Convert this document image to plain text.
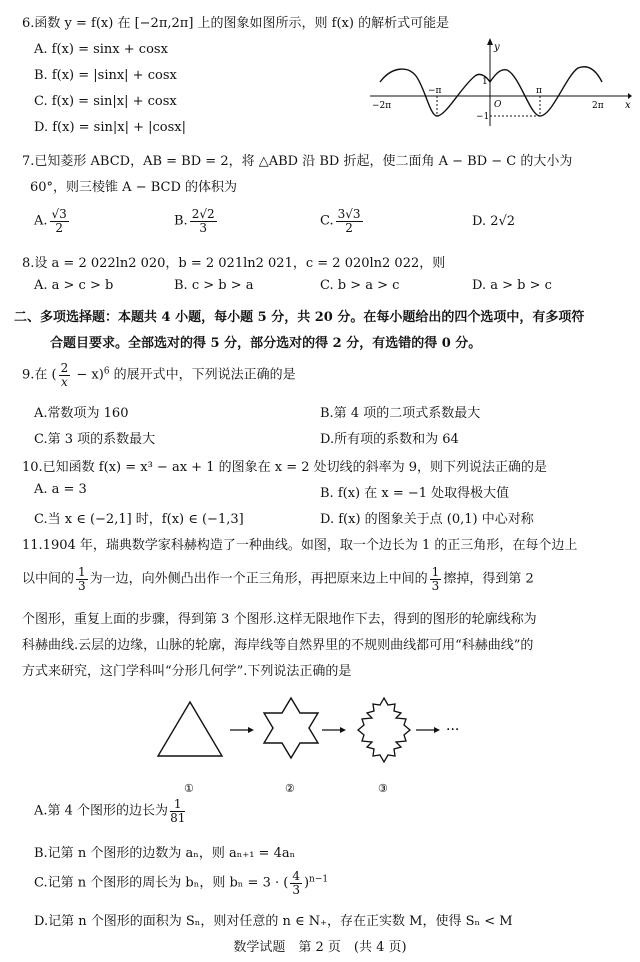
6.函数 y = f(x) 在 [−2π,2π] 上的图象如图所示，则 f(x) 的解析式可能是
A. f(x) = sinx + cosx
B. f(x) = |sinx| + cosx
C. f(x) = sin|x| + cosx
D. f(x) = sin|x| + |cosx|
y
x
−2π
−π
O
π
2π
1
−1
7.已知菱形 ABCD，AB = BD = 2，将 △ABD 沿 BD 折起，使二面角 A − BD − C 的大小为
60°，则三棱锥 A − BCD 的体积为
A. $\frac{√3}{2}$	B. $\frac{2√2}{3}$	C. $\frac{3√3}{2}$	D. 2√2
8.设 a = 2 022ln2 020，b = 2 021ln2 021，c = 2 020ln2 022，则
A. a > c > b	B. c > b > a	C. b > a > c	D. a > b > c
二、多项选择题：本题共 4 小题，每小题 5 分，共 20 分。在每小题给出的四个选项中，有多项符
合题目要求。全部选对的得 5 分，部分选对的得 2 分，有选错的得 0 分。
9.在 ( $\frac{2}{x} - x)^6$ 的展开式中，下列说法正确的是
A.常数项为 160	B.第 4 项的二项式系数最大
C.第 3 项的系数最大	D.所有项的系数和为 64
10.已知函数 f(x) = x³ − ax + 1 的图象在 x = 2 处切线的斜率为 9，则下列说法正确的是
A. a = 3	B. f(x) 在 x = −1 处取得极大值
C.当 x ∈ (−2,1] 时，f(x) ∈ (−1,3]	D. f(x) 的图象关于点 (0,1) 中心对称
11.1904 年，瑞典数学家科赫构造了一种曲线。如图，取一个边长为 1 的正三角形，在每个边上
以中间的 $\frac{1}{3}$ 为一边，向外侧凸出作一个正三角形，再把原来边上中间的 $\frac{1}{3}$ 擦掉，得到第 2
个图形，重复上面的步骤，得到第 3 个图形.这样无限地作下去，得到的图形的轮廓线称为
科赫曲线.云层的边缘，山脉的轮廓，海岸线等自然界里的不规则曲线都可用“科赫曲线”的
方式来研究，这门学科叫“分形几何学”.下列说法正确的是
···
①	②	③
A.第 4 个图形的边长为 $\frac{1}{81}$
B.记第 n 个图形的边数为 aₙ，则 aₙ₊₁ = 4aₙ
C.记第 n 个图形的周长为 bₙ，则 bₙ = 3 · ( $\frac{4}{3} )^{n-1}$
D.记第 n 个图形的面积为 Sₙ，则对任意的 n ∈ N₊，存在正实数 M，使得 Sₙ < M
数学试题　第 2 页　(共 4 页)
